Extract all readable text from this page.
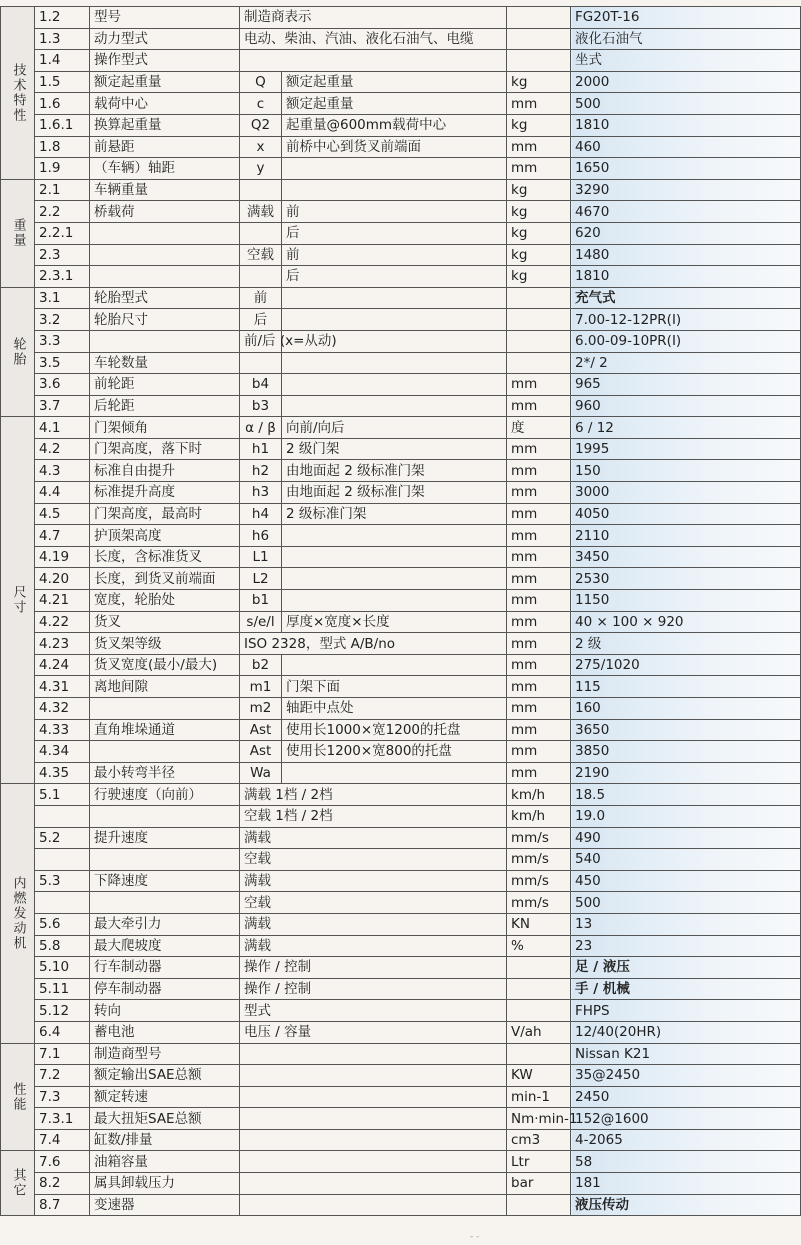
技术特性	1.2	型号	制造商表示			FG20T-16
	1.3	动力型式	电动、柴油、汽油、液化石油气、电缆			液化石油气
	1.4	操作型式				坐式
	1.5	额定起重量	Q	额定起重量	kg	2000
	1.6	载荷中心	c	额定起重量	mm	500
	1.6.1	换算起重量	Q2	起重量@600mm载荷中心	kg	1810
	1.8	前悬距	x	前桥中心到货叉前端面	mm	460
	1.9	（车辆）轴距	y		mm	1650
重量	2.1	车辆重量			kg	3290
	2.2	桥载荷	满载	前	kg	4670
	2.2.1			后	kg	620
	2.3		空载	前	kg	1480
	2.3.1			后	kg	1810
轮胎	3.1	轮胎型式	前			充气式
	3.2	轮胎尺寸	后			7.00-12-12PR(I)
	3.3		前/后 (x=从动)			6.00-09-10PR(I)
	3.5	车轮数量				2*/ 2
	3.6	前轮距	b4		mm	965
	3.7	后轮距	b3		mm	960
尺寸	4.1	门架倾角	α / β	向前/向后	度	6 / 12
	4.2	门架高度，落下时	h1	2 级门架	mm	1995
	4.3	标准自由提升	h2	由地面起 2 级标准门架	mm	150
	4.4	标准提升高度	h3	由地面起 2 级标准门架	mm	3000
	4.5	门架高度，最高时	h4	2 级标准门架	mm	4050
	4.7	护顶架高度	h6		mm	2110
	4.19	长度，含标准货叉	L1		mm	3450
	4.20	长度，到货叉前端面	L2		mm	2530
	4.21	宽度，轮胎处	b1		mm	1150
	4.22	货叉	s/e/l	厚度×宽度×长度	mm	40 × 100 × 920
	4.23	货叉架等级	ISO 2328，型式 A/B/no		mm	2 级
	4.24	货叉宽度(最小/最大)	b2		mm	275/1020
	4.31	离地间隙	m1	门架下面	mm	115
	4.32		m2	轴距中点处	mm	160
	4.33	直角堆垛通道	Ast	使用长1000×宽1200的托盘	mm	3650
	4.34		Ast	使用长1200×宽800的托盘	mm	3850
	4.35	最小转弯半径	Wa		mm	2190
内燃发动机	5.1	行驶速度（向前）	满载 1档 / 2档		km/h	18.5
			空载 1档 / 2档		km/h	19.0
	5.2	提升速度	满载		mm/s	490
			空载		mm/s	540
	5.3	下降速度	满载		mm/s	450
			空载		mm/s	500
	5.6	最大牵引力	满载		KN	13
	5.8	最大爬坡度	满载		%	23
	5.10	行车制动器	操作 / 控制			足 / 液压
	5.11	停车制动器	操作 / 控制			手 / 机械
	5.12	转向	型式			FHPS
	6.4	蓄电池	电压 / 容量		V/ah	12/40(20HR)
性能	7.1	制造商型号				Nissan K21
	7.2	额定输出SAE总额			KW	35@2450
	7.3	额定转速			min-1	2450
	7.3.1	最大扭矩SAE总额			Nm·min-1	152@1600
	7.4	缸数/排量			cm3	4-2065
其它	7.6	油箱容量			Ltr	58
	8.2	属具卸载压力			bar	181
	8.7	变速器				液压传动
- -
